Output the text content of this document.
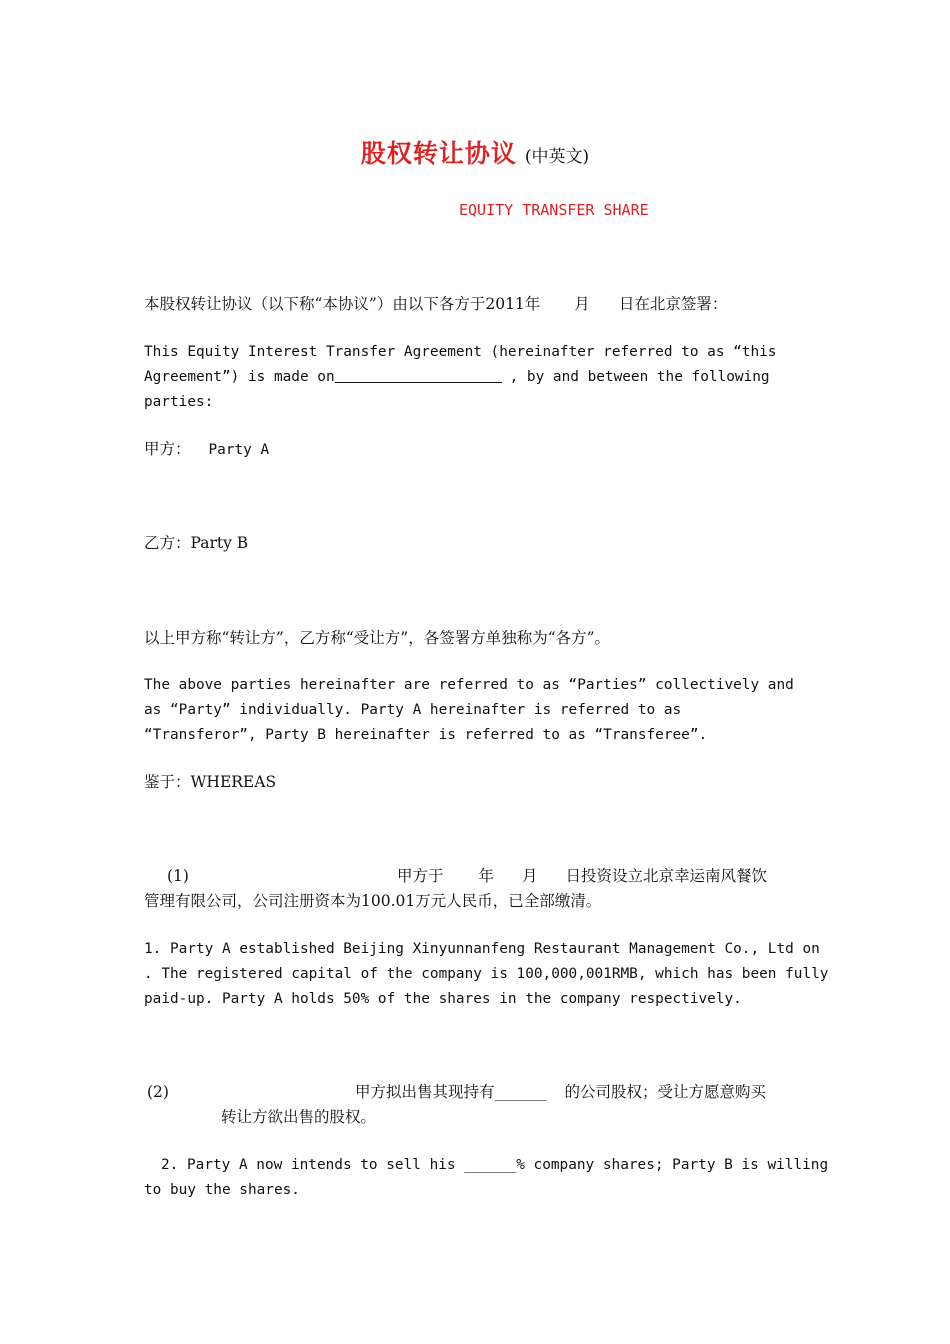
股权转让协议 (中英文)
EQUITY TRANSFER SHARE
本股权转让协议（以下称“本协议”）由以下各方于2011年 月 日在北京签署：
This Equity Interest Transfer Agreement (hereinafter referred to as “this
Agreement”) is made on	, by and between the following
parties:
甲方： Party A
乙方：Party B
以上甲方称“转让方”，乙方称“受让方”，各签署方单独称为“各方”。
The above parties hereinafter are referred to as “Parties” collectively and
as “Party” individually. Party A hereinafter is referred to as
“Transferor”, Party B hereinafter is referred to as “Transferee”.
鉴于：WHEREAS
(1)	甲方于 年 月 日投资设立北京幸运南风餐饮
管理有限公司，公司注册资本为100.01万元人民币，已全部缴清。
1. Party A established Beijing Xinyunnanfeng Restaurant Management Co., Ltd on
. The registered capital of the company is 100,000,001RMB, which has been fully
paid-up. Party A holds 50% of the shares in the company respectively.
(2)	甲方拟出售其现持有______ 的公司股权；受让方愿意购买
转让方欲出售的股权。
2. Party A now intends to sell his ______% company shares; Party B is willing
to buy the shares.
